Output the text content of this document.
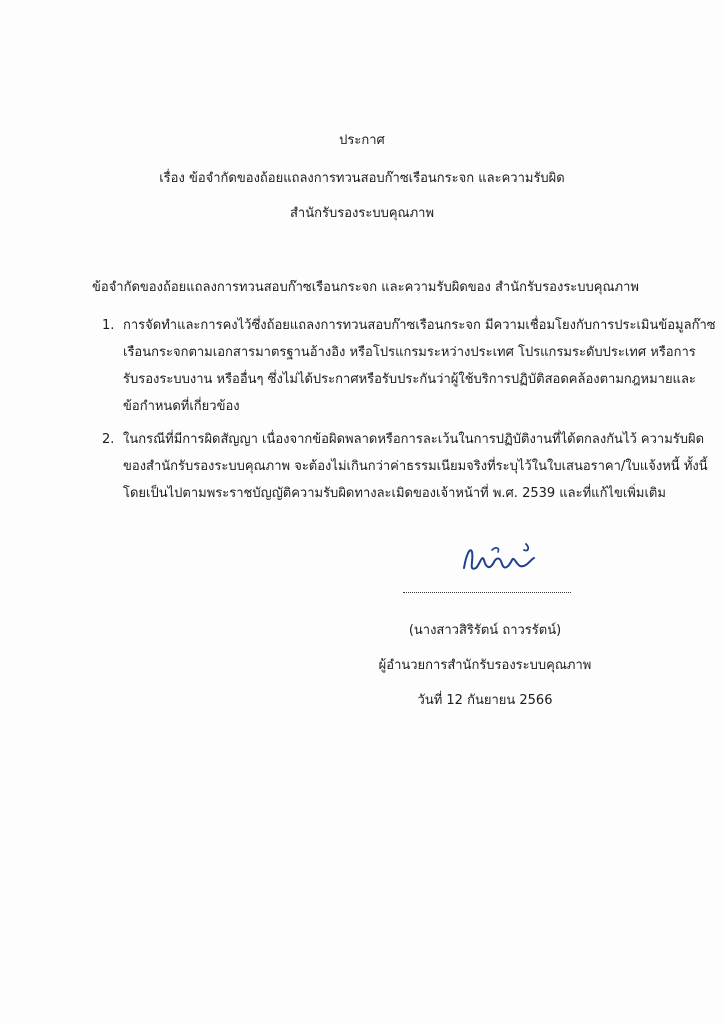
ประกาศ
เรื่อง ข้อจำกัดของถ้อยแถลงการทวนสอบก๊าซเรือนกระจก และความรับผิด
สำนักรับรองระบบคุณภาพ
ข้อจำกัดของถ้อยแถลงการทวนสอบก๊าซเรือนกระจก และความรับผิดของ สำนักรับรองระบบคุณภาพ
1. การจัดทำและการคงไว้ซึ่งถ้อยแถลงการทวนสอบก๊าซเรือนกระจก มีความเชื่อมโยงกับการประเมินข้อมูลก๊าซ
เรือนกระจกตามเอกสารมาตรฐานอ้างอิง หรือโปรแกรมระหว่างประเทศ โปรแกรมระดับประเทศ หรือการ
รับรองระบบงาน หรืออื่นๆ ซึ่งไม่ได้ประกาศหรือรับประกันว่าผู้ใช้บริการปฏิบัติสอดคล้องตามกฎหมายและ
ข้อกำหนดที่เกี่ยวข้อง
2. ในกรณีที่มีการผิดสัญญา เนื่องจากข้อผิดพลาดหรือการละเว้นในการปฏิบัติงานที่ได้ตกลงกันไว้ ความรับผิด
ของสำนักรับรองระบบคุณภาพ จะต้องไม่เกินกว่าค่าธรรมเนียมจริงที่ระบุไว้ในใบเสนอราคา/ใบแจ้งหนี้ ทั้งนี้
โดยเป็นไปตามพระราชบัญญัติความรับผิดทางละเมิดของเจ้าหน้าที่ พ.ศ. 2539 และที่แก้ไขเพิ่มเติม
(นางสาวสิริรัตน์ ถาวรรัตน์)
ผู้อำนวยการสำนักรับรองระบบคุณภาพ
วันที่ 12 กันยายน 2566
